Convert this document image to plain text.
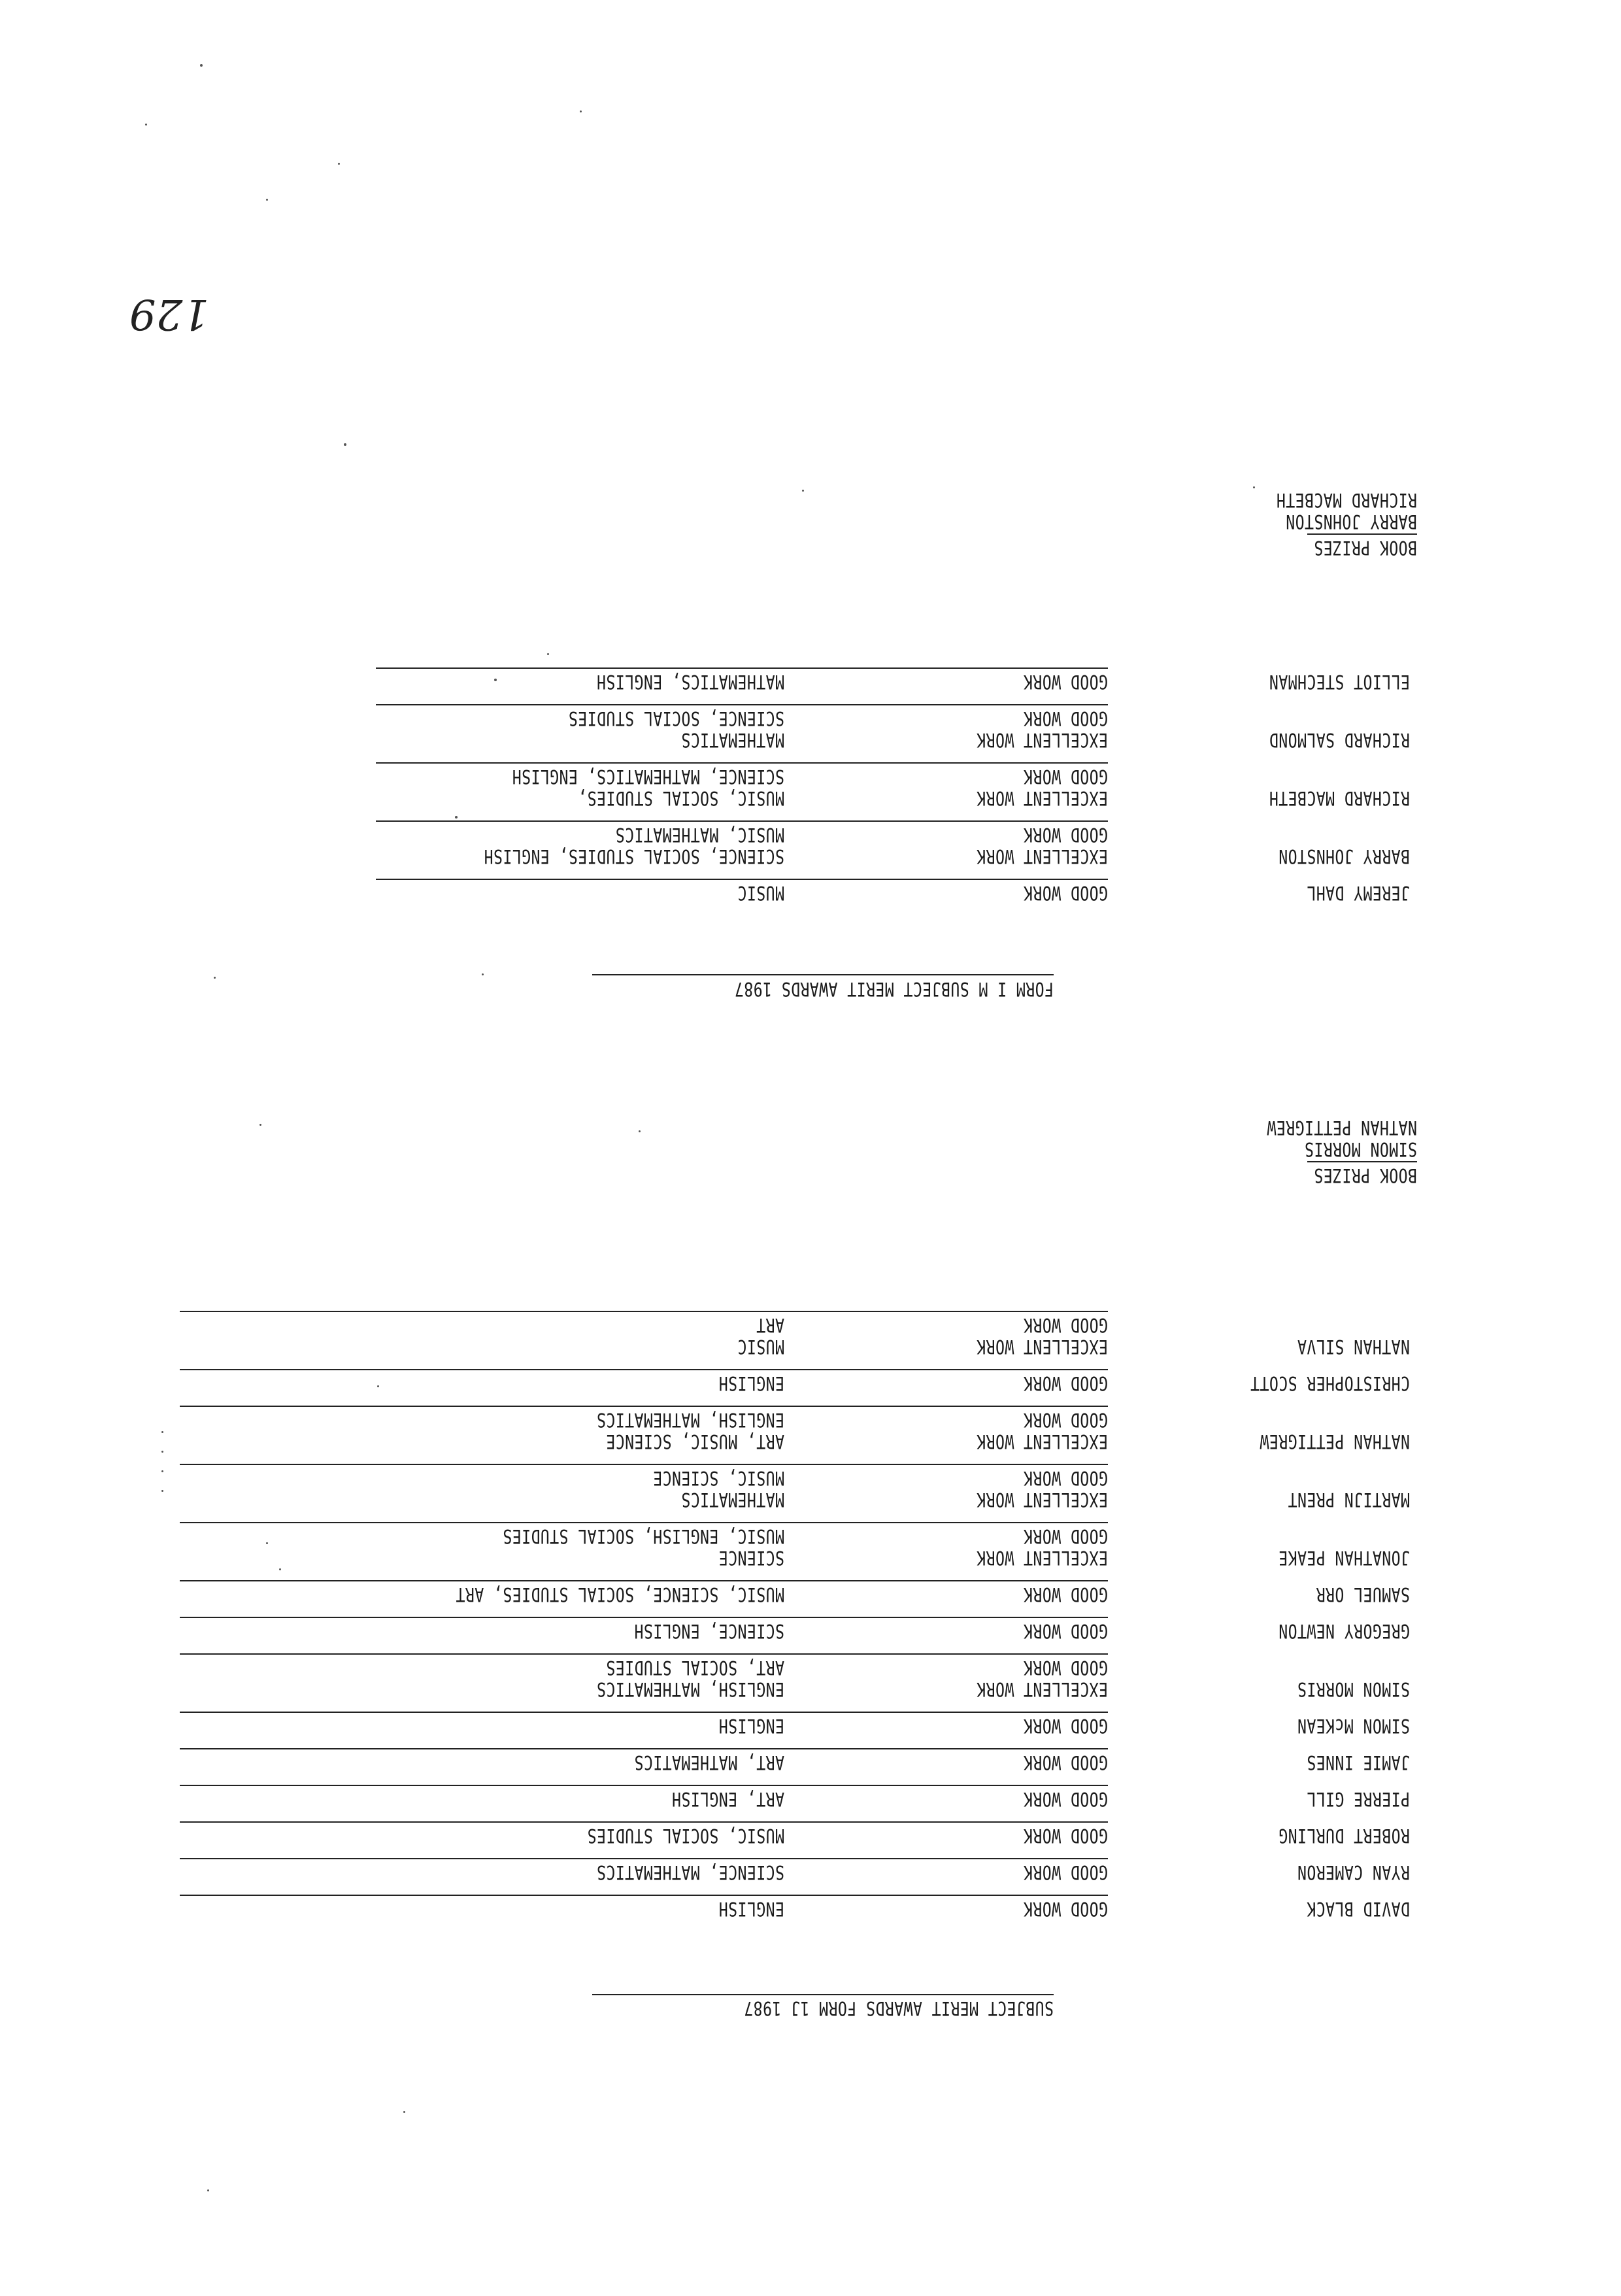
SUBJECT MERIT AWARDS FORM 1J 1987
DAVID BLACK
GOOD WORK
ENGLISH
RYAN CAMERON
GOOD WORK
SCIENCE, MATHEMATICS
ROBERT DURLING
GOOD WORK
MUSIC, SOCIAL STUDIES
PIERRE GILL
GOOD WORK
ART, ENGLISH
JAMIE INNES
GOOD WORK
ART, MATHEMATICS
SIMON McKEAN
GOOD WORK
ENGLISH
SIMON MORRIS
EXCELLENT WORK
ENGLISH, MATHEMATICS
GOOD WORK
ART, SOCIAL STUDIES
GREGORY NEWTON
GOOD WORK
SCIENCE, ENGLISH
SAMUEL ORR
GOOD WORK
MUSIC, SCIENCE, SOCIAL STUDIES, ART
JONATHAN PEAKE
EXCELLENT WORK
SCIENCE
GOOD WORK
MUSIC, ENGLISH, SOCIAL STUDIES
MARTIJN PRENT
EXCELLENT WORK
MATHEMATICS
GOOD WORK
MUSIC, SCIENCE
NATHAN PETTIGREW
EXCELLENT WORK
ART, MUSIC, SCIENCE
GOOD WORK
ENGLISH, MATHEMATICS
CHRISTOPHER SCOTT
GOOD WORK
ENGLISH
NATHAN SILVA
EXCELLENT WORK
MUSIC
GOOD WORK
ART
BOOK PRIZES
SIMON MORRIS
NATHAN PETTIGREW
FORM I M SUBJECT MERIT AWARDS 1987
JEREMY DAHL
GOOD WORK
MUSIC
BARRY JOHNSTON
EXCELLENT WORK
SCIENCE, SOCIAL STUDIES, ENGLISH
GOOD WORK
MUSIC, MATHEMATICS
RICHARD MACBETH
EXCELLENT WORK
MUSIC, SOCIAL STUDIES,
GOOD WORK
SCIENCE, MATHEMATICS, ENGLISH
RICHARD SALMOND
EXCELLENT WORK
MATHEMATICS
GOOD WORK
SCIENCE, SOCIAL STUDIES
ELLIOT STECHMAN
GOOD WORK
MATHEMATICS, ENGLISH
BOOK PRIZES
BARRY JOHNSTON
RICHARD MACBETH
129
